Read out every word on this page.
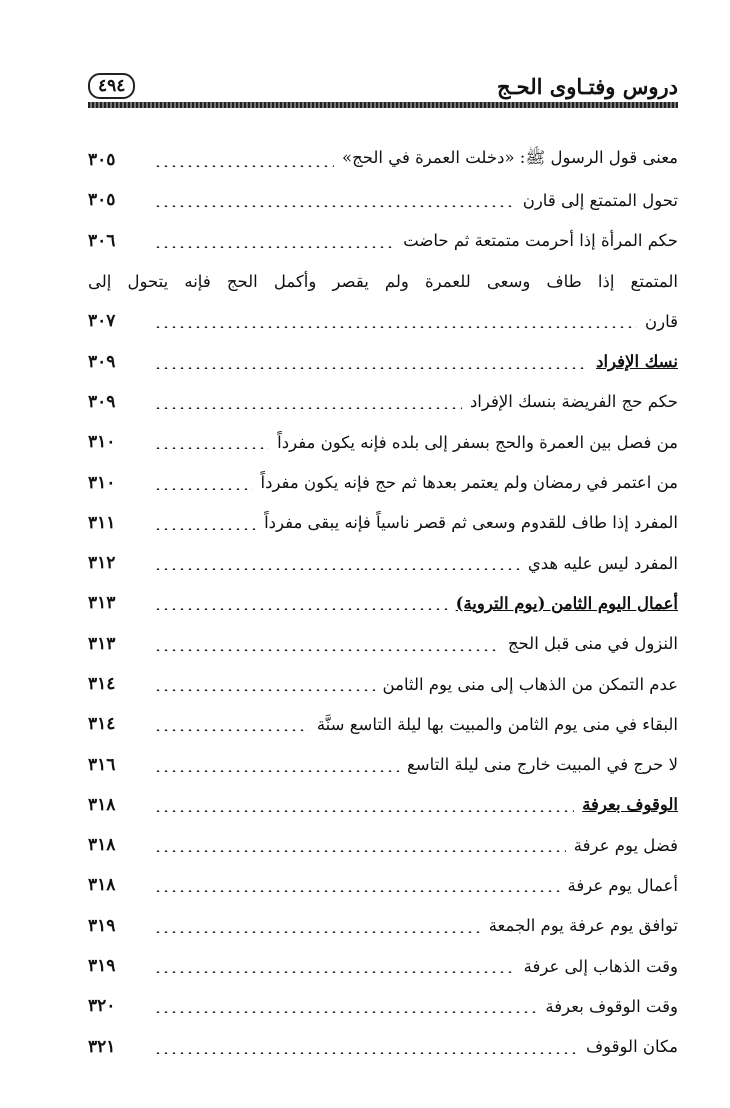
٤٩٤	دروس وفتـاوى الحـج
معنى قول الرسول ﷺ: «دخلت العمرة في الحج»
٣٠٥
تحول المتمتع إلى قارن
٣٠٥
حكم المرأة إذا أحرمت متمتعة ثم حاضت
٣٠٦
المتمتع إذا طاف وسعى للعمرة ولم يقصر وأكمل الحج فإنه يتحول إلى
قارن
٣٠٧
نسك الإفراد
٣٠٩
حكم حج الفريضة بنسك الإفراد
٣٠٩
من فصل بين العمرة والحج بسفر إلى بلده فإنه يكون مفرداً
٣١٠
من اعتمر في رمضان ولم يعتمر بعدها ثم حج فإنه يكون مفرداً
٣١٠
المفرد إذا طاف للقدوم وسعى ثم قصر ناسياً فإنه يبقى مفرداً
٣١١
المفرد ليس عليه هدي
٣١٢
أعمال اليوم الثامن (يوم التروية)
٣١٣
النزول في منى قبل الحج
٣١٣
عدم التمكن من الذهاب إلى منى يوم الثامن
٣١٤
البقاء في منى يوم الثامن والمبيت بها ليلة التاسع سنَّة
٣١٤
لا حرج في المبيت خارج منى ليلة التاسع
٣١٦
الوقوف بعرفة
٣١٨
فضل يوم عرفة
٣١٨
أعمال يوم عرفة
٣١٨
توافق يوم عرفة يوم الجمعة
٣١٩
وقت الذهاب إلى عرفة
٣١٩
وقت الوقوف بعرفة
٣٢٠
مكان الوقوف
٣٢١
